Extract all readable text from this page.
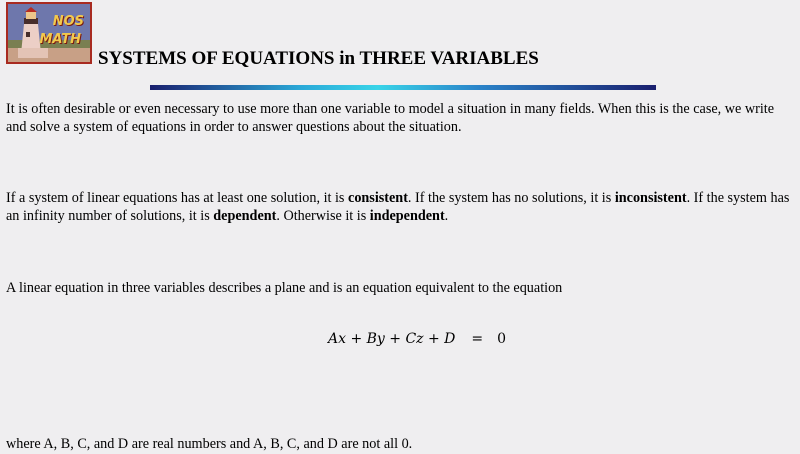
NOS
MATH
SYSTEMS OF EQUATIONS in THREE VARIABLES

It is often desirable or even necessary to use more than one variable to model a situation in many fields. When this is the case, we write and solve a system of equations in order to answer questions about the situation.

If a system of linear equations has at least one solution, it is consistent. If the system has no solutions, it is inconsistent. If the system has an infinity number of solutions, it is dependent. Otherwise it is independent.

A linear equation in three variables describes a plane and is an equation equivalent to the equation

Ax + By + Cz + D = 0

where A, B, C, and D are real numbers and A, B, C, and D are not all 0.
